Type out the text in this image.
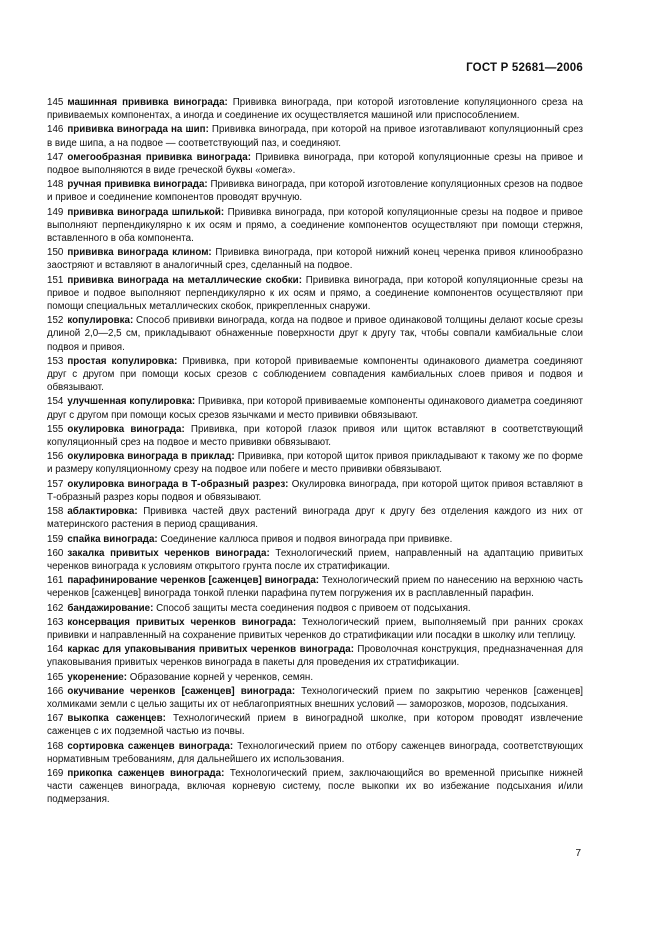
ГОСТ Р 52681—2006

145 машинная прививка винограда: Прививка винограда, при которой изготовление копуляционного среза на прививаемых компонентах, а иногда и соединение их осуществляется машиной или приспособлением.

146 прививка винограда на шип: Прививка винограда, при которой на привое изготавливают копуляционный срез в виде шипа, а на подвое — соответствующий паз, и соединяют.

147 омегообразная прививка винограда: Прививка винограда, при которой копуляционные срезы на привое и подвое выполняются в виде греческой буквы «омега».

148 ручная прививка винограда: Прививка винограда, при которой изготовление копуляционных срезов на подвое и привое и соединение компонентов проводят вручную.

149 прививка винограда шпилькой: Прививка винограда, при которой копуляционные срезы на подвое и привое выполняют перпендикулярно к их осям и прямо, а соединение компонентов осуществляют при помощи стержня, вставленного в оба компонента.

150 прививка винограда клином: Прививка винограда, при которой нижний конец черенка привоя клинообразно заостряют и вставляют в аналогичный срез, сделанный на подвое.

151 прививка винограда на металлические скобки: Прививка винограда, при которой копуляционные срезы на привое и подвое выполняют перпендикулярно к их осям и прямо, а соединение компонентов осуществляют при помощи специальных металлических скобок, прикрепленных снаружи.

152 копулировка: Способ прививки винограда, когда на подвое и привое одинаковой толщины делают косые срезы длиной 2,0—2,5 см, прикладывают обнаженные поверхности друг к другу так, чтобы совпали камбиальные слои подвоя и привоя.

153 простая копулировка: Прививка, при которой прививаемые компоненты одинакового диаметра соединяют друг с другом при помощи косых срезов с соблюдением совпадения камбиальных слоев привоя и подвоя и обвязывают.

154 улучшенная копулировка: Прививка, при которой прививаемые компоненты одинакового диаметра соединяют друг с другом при помощи косых срезов язычками и место прививки обвязывают.

155 окулировка винограда: Прививка, при которой глазок привоя или щиток вставляют в соответствующий копуляционный срез на подвое и место прививки обвязывают.

156 окулировка винограда в приклад: Прививка, при которой щиток привоя прикладывают к такому же по форме и размеру копуляционному срезу на подвое или побеге и место прививки обвязывают.

157 окулировка винограда в Т-образный разрез: Окулировка винограда, при которой щиток привоя вставляют в Т-образный разрез коры подвоя и обвязывают.

158 аблактировка: Прививка частей двух растений винограда друг к другу без отделения каждого из них от материнского растения в период сращивания.

159 спайка винограда: Соединение каллюса привоя и подвоя винограда при прививке.

160 закалка привитых черенков винограда: Технологический прием, направленный на адаптацию привитых черенков винограда к условиям открытого грунта после их стратификации.

161 парафинирование черенков [саженцев] винограда: Технологический прием по нанесению на верхнюю часть черенков [саженцев] винограда тонкой пленки парафина путем погружения их в расплавленный парафин.

162 бандажирование: Способ защиты места соединения подвоя с привоем от подсыхания.

163 консервация привитых черенков винограда: Технологический прием, выполняемый при ранних сроках прививки и направленный на сохранение привитых черенков до стратификации или посадки в школку или теплицу.

164 каркас для упаковывания привитых черенков винограда: Проволочная конструкция, предназначенная для упаковывания привитых черенков винограда в пакеты для проведения их стратификации.

165 укоренение: Образование корней у черенков, семян.

166 окучивание черенков [саженцев] винограда: Технологический прием по закрытию черенков [саженцев] холмиками земли с целью защиты их от неблагоприятных внешних условий — заморозков, морозов, подсыхания.

167 выкопка саженцев: Технологический прием в виноградной школке, при котором проводят извлечение саженцев с их подземной частью из почвы.

168 сортировка саженцев винограда: Технологический прием по отбору саженцев винограда, соответствующих нормативным требованиям, для дальнейшего их использования.

169 прикопка саженцев винограда: Технологический прием, заключающийся во временной присыпке нижней части саженцев винограда, включая корневую систему, после выкопки их во избежание подсыхания и/или подмерзания.

7
